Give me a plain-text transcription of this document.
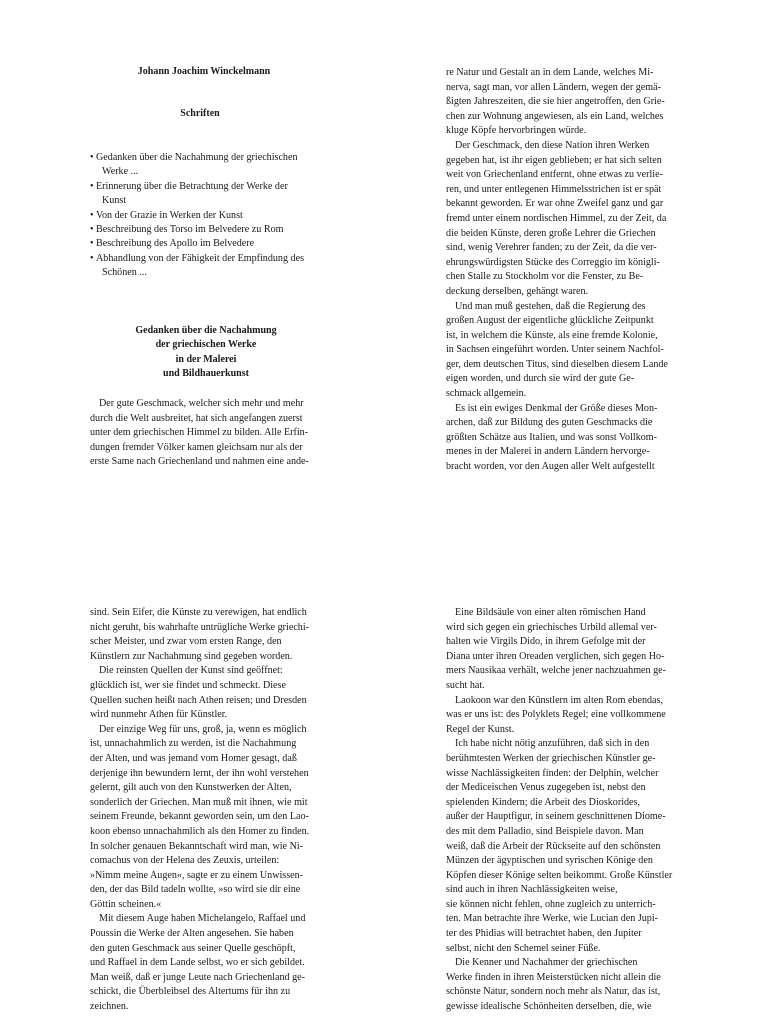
Johann Joachim Winckelmann
Schriften
• Gedanken über die Nachahmung der griechischen
Werke ...
• Erinnerung über die Betrachtung der Werke der
Kunst
• Von der Grazie in Werken der Kunst
• Beschreibung des Torso im Belvedere zu Rom
• Beschreibung des Apollo im Belvedere
• Abhandlung von der Fähigkeit der Empfindung des
Schönen ...
Gedanken über die Nachahmung
der griechischen Werke
in der Malerei
und Bildhauerkunst
Der gute Geschmack, welcher sich mehr und mehr
durch die Welt ausbreitet, hat sich angefangen zuerst
unter dem griechischen Himmel zu bilden. Alle Erfin-
dungen fremder Völker kamen gleichsam nur als der
erste Same nach Griechenland und nahmen eine ande-
re Natur und Gestalt an in dem Lande, welches Mi-
nerva, sagt man, vor allen Ländern, wegen der gemä-
ßigten Jahreszeiten, die sie hier angetroffen, den Grie-
chen zur Wohnung angewiesen, als ein Land, welches
kluge Köpfe hervorbringen würde.
Der Geschmack, den diese Nation ihren Werken
gegeben hat, ist ihr eigen geblieben; er hat sich selten
weit von Griechenland entfernt, ohne etwas zu verlie-
ren, und unter entlegenen Himmelsstrichen ist er spät
bekannt geworden. Er war ohne Zweifel ganz und gar
fremd unter einem nordischen Himmel, zu der Zeit, da
die beiden Künste, deren große Lehrer die Griechen
sind, wenig Verehrer fanden; zu der Zeit, da die ver-
ehrungswürdigsten Stücke des Correggio im königli-
chen Stalle zu Stockholm vor die Fenster, zu Be-
deckung derselben, gehängt waren.
Und man muß gestehen, daß die Regierung des
großen August der eigentliche glückliche Zeitpunkt
ist, in welchem die Künste, als eine fremde Kolonie,
in Sachsen eingeführt worden. Unter seinem Nachfol-
ger, dem deutschen Titus, sind dieselben diesem Lande
eigen worden, und durch sie wird der gute Ge-
schmack allgemein.
Es ist ein ewiges Denkmal der Größe dieses Mon-
archen, daß zur Bildung des guten Geschmacks die
größten Schätze aus Italien, und was sonst Vollkom-
menes in der Malerei in andern Ländern hervorge-
bracht worden, vor den Augen aller Welt aufgestellt
sind. Sein Eifer, die Künste zu verewigen, hat endlich
nicht geruht, bis wahrhafte untrügliche Werke griechi-
scher Meister, und zwar vom ersten Range, den
Künstlern zur Nachahmung sind gegeben worden.
Die reinsten Quellen der Kunst sind geöffnet:
glücklich ist, wer sie findet und schmeckt. Diese
Quellen suchen heißt nach Athen reisen; und Dresden
wird nunmehr Athen für Künstler.
Der einzige Weg für uns, groß, ja, wenn es möglich
ist, unnachahmlich zu werden, ist die Nachahmung
der Alten, und was jemand vom Homer gesagt, daß
derjenige ihn bewundern lernt, der ihn wohl verstehen
gelernt, gilt auch von den Kunstwerken der Alten,
sonderlich der Griechen. Man muß mit ihnen, wie mit
seinem Freunde, bekannt geworden sein, um den Lao-
koon ebenso unnachahmlich als den Homer zu finden.
In solcher genauen Bekanntschaft wird man, wie Ni-
comachus von der Helena des Zeuxis, urteilen:
»Nimm meine Augen«, sagte er zu einem Unwissen-
den, der das Bild tadeln wollte, »so wird sie dir eine
Göttin scheinen.«
Mit diesem Auge haben Michelangelo, Raffael und
Poussin die Werke der Alten angesehen. Sie haben
den guten Geschmack aus seiner Quelle geschöpft,
und Raffael in dem Lande selbst, wo er sich gebildet.
Man weiß, daß er junge Leute nach Griechenland ge-
schickt, die Überbleibsel des Altertums für ihn zu
zeichnen.
Eine Bildsäule von einer alten römischen Hand
wird sich gegen ein griechisches Urbild allemal ver-
halten wie Virgils Dido, in ihrem Gefolge mit der
Diana unter ihren Oreaden verglichen, sich gegen Ho-
mers Nausikaa verhält, welche jener nachzuahmen ge-
sucht hat.
Laokoon war den Künstlern im alten Rom ebendas,
was er uns ist: des Polyklets Regel; eine vollkommene
Regel der Kunst.
Ich habe nicht nötig anzuführen, daß sich in den
berühmtesten Werken der griechischen Künstler ge-
wisse Nachlässigkeiten finden: der Delphin, welcher
der Mediceischen Venus zugegeben ist, nebst den
spielenden Kindern; die Arbeit des Dioskorides,
außer der Hauptfigur, in seinem geschnittenen Diome-
des mit dem Palladio, sind Beispiele davon. Man
weiß, daß die Arbeit der Rückseite auf den schönsten
Münzen der ägyptischen und syrischen Könige den
Köpfen dieser Könige selten beikommt. Große Künstler
sind auch in ihren Nachlässigkeiten weise,
sie können nicht fehlen, ohne zugleich zu unterrich-
ten. Man betrachte ihre Werke, wie Lucian den Jupi-
ter des Phidias will betrachtet haben, den Jupiter
selbst, nicht den Schemel seiner Füße.
Die Kenner und Nachahmer der griechischen
Werke finden in ihren Meisterstücken nicht allein die
schönste Natur, sondern noch mehr als Natur, das ist,
gewisse idealische Schönheiten derselben, die, wie
